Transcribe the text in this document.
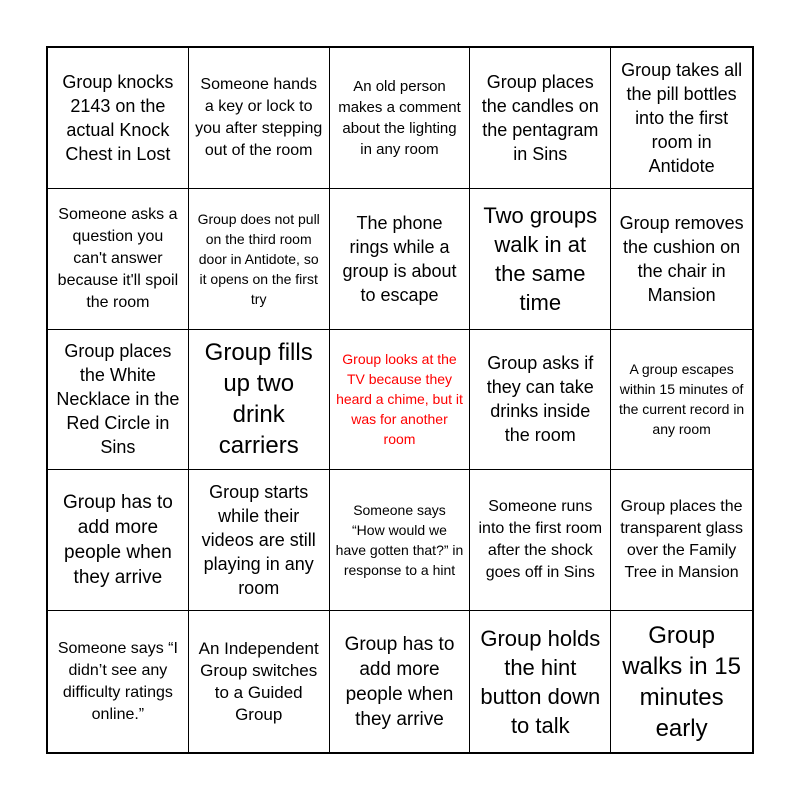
Group knocks 2143 on the actual Knock Chest in Lost
Someone hands a key or lock to you after stepping out of the room
An old person makes a comment about the lighting in any room
Group places the candles on the pentagram in Sins
Group takes all the pill bottles into the first room in Antidote
Someone asks a question you can't answer because it'll spoil the room
Group does not pull on the third room door in Antidote, so it opens on the first try
The phone rings while a group is about to escape
Two groups walk in at the same time
Group removes the cushion on the chair in Mansion
Group places the White Necklace in the Red Circle in Sins
Group fills up two drink carriers
Group looks at the TV because they heard a chime, but it was for another room
Group asks if they can take drinks inside the room
A group escapes within 15 minutes of the current record in any room
Group has to add more people when they arrive
Group starts while their videos are still playing in any room
Someone says “How would we have gotten that?” in response to a hint
Someone runs into the first room after the shock goes off in Sins
Group places the transparent glass over the Family Tree in Mansion
Someone says “I didn’t see any difficulty ratings online.”
An Independent Group switches to a Guided Group
Group has to add more people when they arrive
Group holds the hint button down to talk
Group walks in 15 minutes early
